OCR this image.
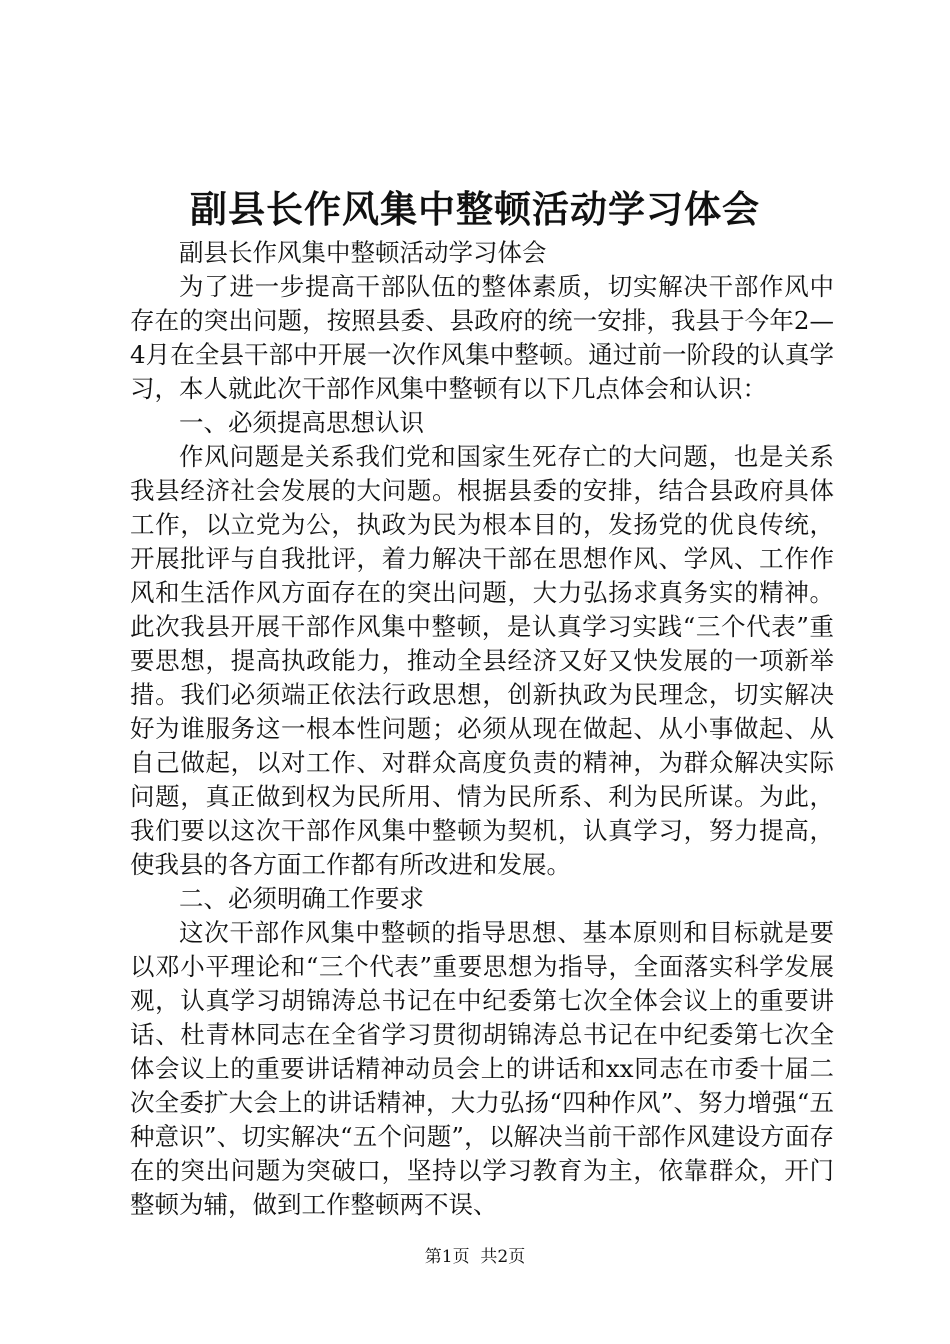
副县长作风集中整顿活动学习体会

副县长作风集中整顿活动学习体会

为了进一步提高干部队伍的整体素质，切实解决干部作风中存在的突出问题，按照县委、县政府的统一安排，我县于今年2—4月在全县干部中开展一次作风集中整顿。通过前一阶段的认真学习，本人就此次干部作风集中整顿有以下几点体会和认识：

一、必须提高思想认识

作风问题是关系我们党和国家生死存亡的大问题，也是关系我县经济社会发展的大问题。根据县委的安排，结合县政府具体工作，以立党为公，执政为民为根本目的，发扬党的优良传统，开展批评与自我批评，着力解决干部在思想作风、学风、工作作风和生活作风方面存在的突出问题，大力弘扬求真务实的精神。此次我县开展干部作风集中整顿，是认真学习实践“三个代表”重要思想，提高执政能力，推动全县经济又好又快发展的一项新举措。我们必须端正依法行政思想，创新执政为民理念，切实解决好为谁服务这一根本性问题；必须从现在做起、从小事做起、从自己做起，以对工作、对群众高度负责的精神，为群众解决实际问题，真正做到权为民所用、情为民所系、利为民所谋。为此，我们要以这次干部作风集中整顿为契机，认真学习，努力提高，使我县的各方面工作都有所改进和发展。

二、必须明确工作要求

这次干部作风集中整顿的指导思想、基本原则和目标就是要以邓小平理论和“三个代表”重要思想为指导，全面落实科学发展观，认真学习胡锦涛总书记在中纪委第七次全体会议上的重要讲话、杜青林同志在全省学习贯彻胡锦涛总书记在中纪委第七次全体会议上的重要讲话精神动员会上的讲话和xx同志在市委十届二次全委扩大会上的讲话精神，大力弘扬“四种作风”、努力增强“五种意识”、切实解决“五个问题”，以解决当前干部作风建设方面存在的突出问题为突破口，坚持以学习教育为主，依靠群众，开门整顿为辅，做到工作整顿两不误、

第1页  共2页
